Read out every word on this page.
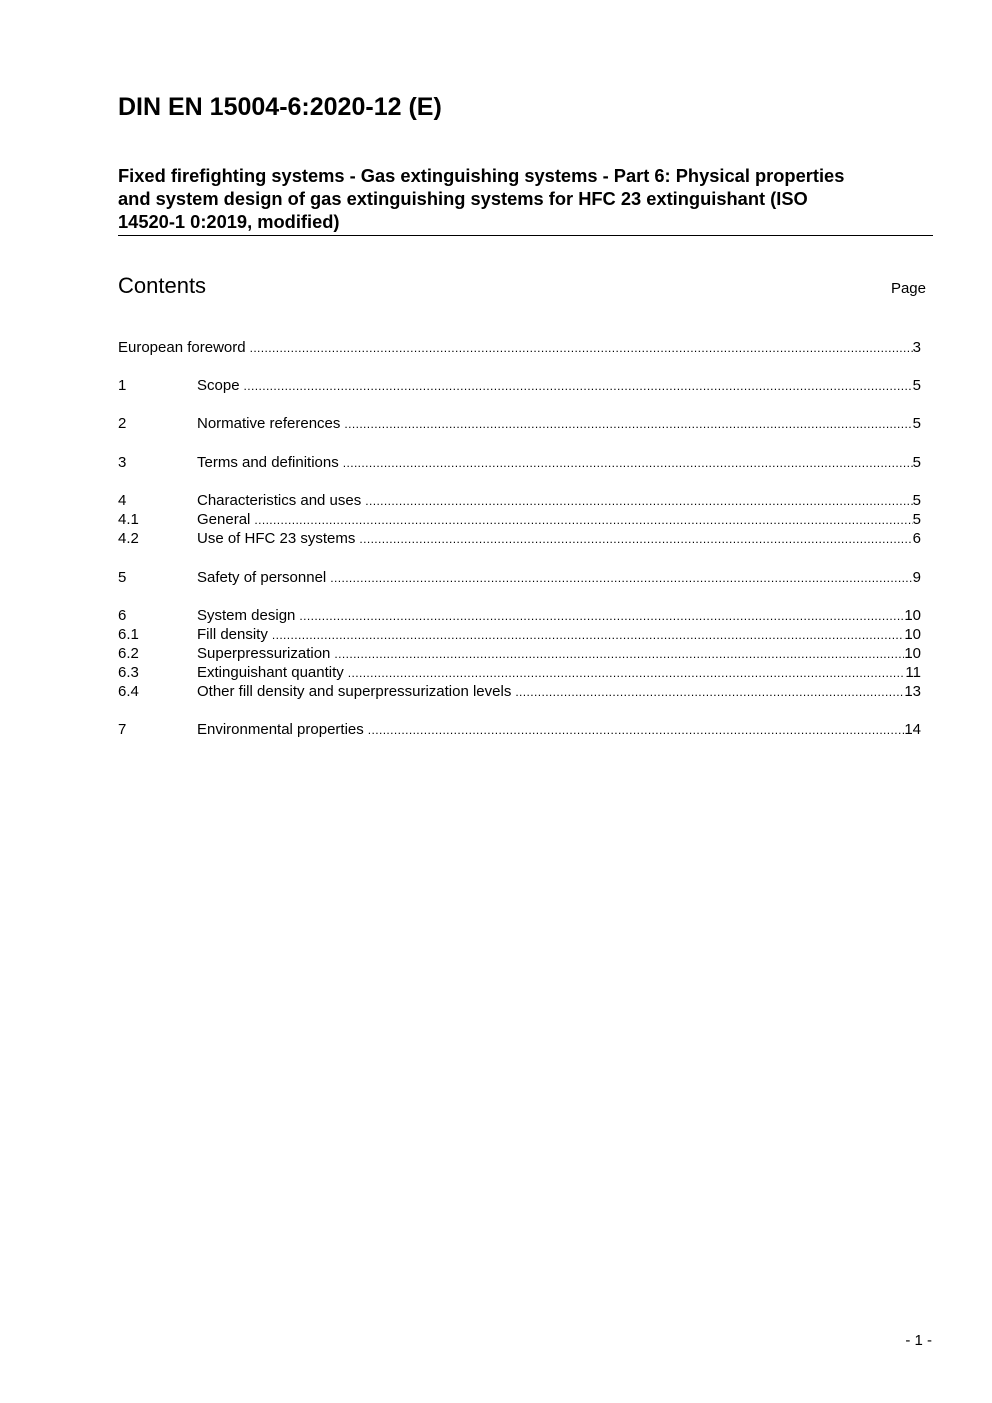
DIN EN 15004-6:2020-12 (E)
Fixed firefighting systems - Gas extinguishing systems - Part 6: Physical properties
and system design of gas extinguishing systems for HFC 23 extinguishant (ISO
14520-1 0:2019, modified)
Contents	Page
European foreword .....	3
1	Scope .....	5
2	Normative references .....	5
3	Terms and definitions .....	5
4	Characteristics and uses .....	5
4.1	General .....	5
4.2	Use of HFC 23 systems .....	6
5	Safety of personnel .....	9
6	System design .....	10
6.1	Fill density .....	10
6.2	Superpressurization .....	10
6.3	Extinguishant quantity .....	11
6.4	Other fill density and superpressurization levels .....	13
7	Environmental properties .....	14
- 1 -
